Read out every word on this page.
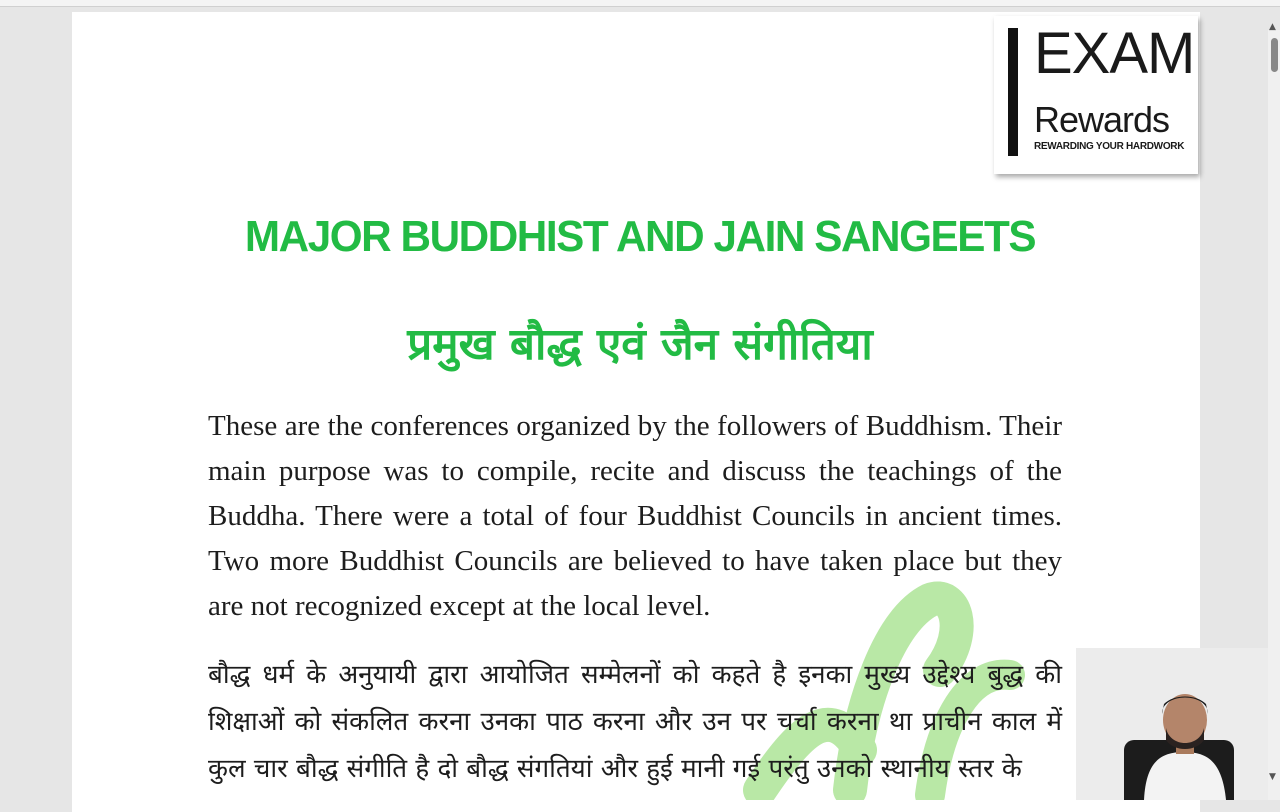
EXAM
Rewards
REWARDING YOUR HARDWORK
MAJOR BUDDHIST AND JAIN SANGEETS
प्रमुख बौद्ध एवं जैन संगीतिया
These are the conferences organized by the followers of Buddhism. Their main purpose was to compile, recite and discuss the teachings of the Buddha. There were a total of four Buddhist Councils in ancient times. Two more Buddhist Councils are believed to have taken place but they are not recognized except at the local level.
बौद्ध धर्म के अनुयायी द्वारा आयोजित सम्मेलनों को कहते है इनका मुख्य उद्देश्य बुद्ध की शिक्षाओं को संकलित करना उनका पाठ करना और उन पर चर्चा करना था प्राचीन काल में कुल चार बौद्ध संगीति है दो बौद्ध संगतियां और हुई मानी गई परंतु उनको स्थानीय स्तर के
▲
▼
